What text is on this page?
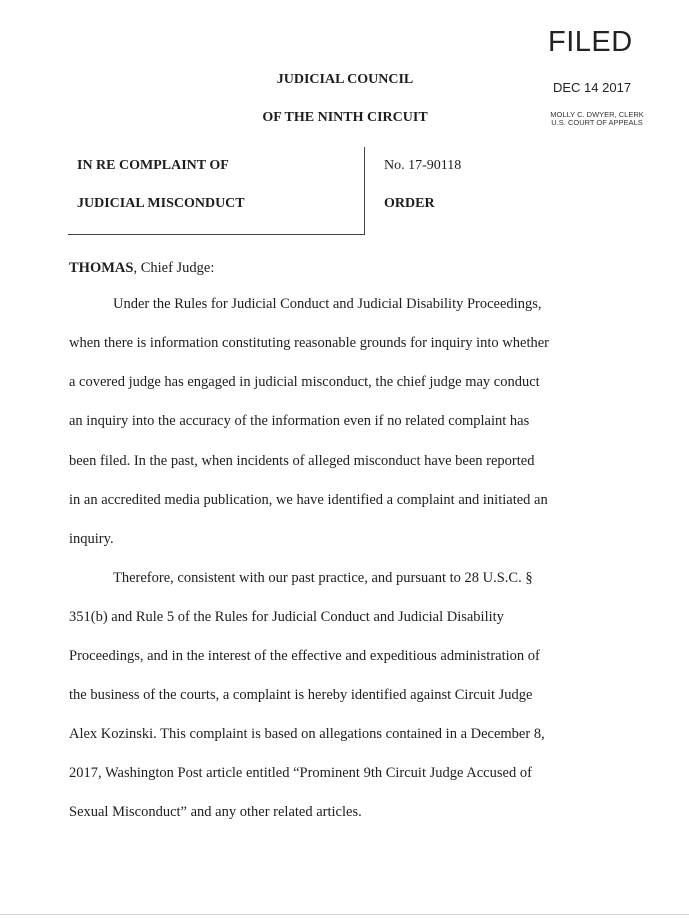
FILED
DEC 14 2017
MOLLY C. DWYER, CLERK
U.S. COURT OF APPEALS
JUDICIAL COUNCIL
OF THE NINTH CIRCUIT
IN RE COMPLAINT OF
JUDICIAL MISCONDUCT
No. 17-90118
ORDER
THOMAS, Chief Judge:
Under the Rules for Judicial Conduct and Judicial Disability Proceedings,
when there is information constituting reasonable grounds for inquiry into whether
a covered judge has engaged in judicial misconduct, the chief judge may conduct
an inquiry into the accuracy of the information even if no related complaint has
been filed. In the past, when incidents of alleged misconduct have been reported
in an accredited media publication, we have identified a complaint and initiated an
inquiry.
Therefore, consistent with our past practice, and pursuant to 28 U.S.C. §
351(b) and Rule 5 of the Rules for Judicial Conduct and Judicial Disability
Proceedings, and in the interest of the effective and expeditious administration of
the business of the courts, a complaint is hereby identified against Circuit Judge
Alex Kozinski. This complaint is based on allegations contained in a December 8,
2017, Washington Post article entitled “Prominent 9th Circuit Judge Accused of
Sexual Misconduct” and any other related articles.
